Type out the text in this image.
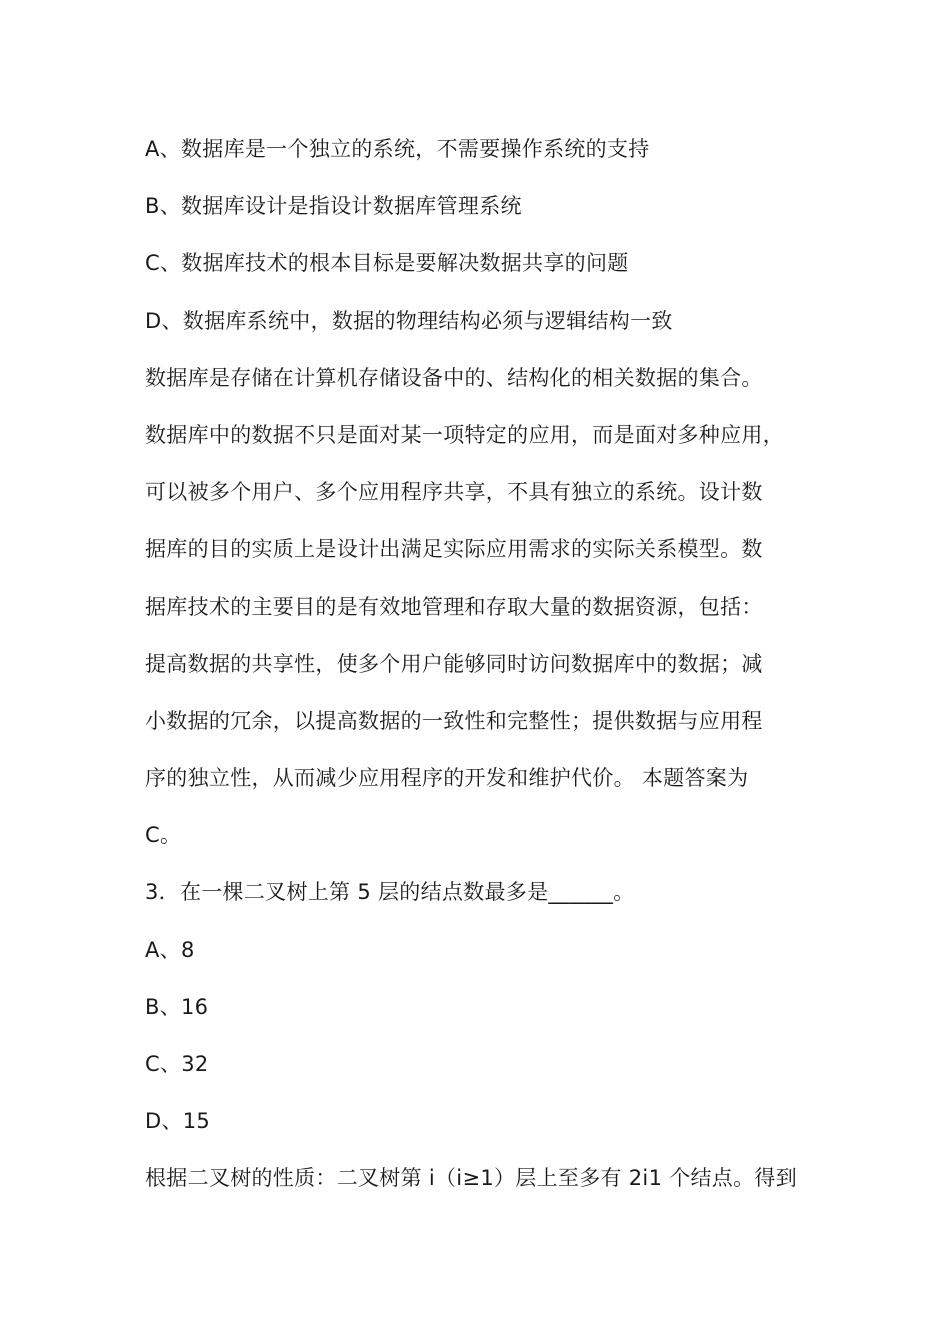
A、数据库是一个独立的系统，不需要操作系统的支持
B、数据库设计是指设计数据库管理系统
C、数据库技术的根本目标是要解决数据共享的问题
D、数据库系统中，数据的物理结构必须与逻辑结构一致
数据库是存储在计算机存储设备中的、结构化的相关数据的集合。
数据库中的数据不只是面对某一项特定的应用，而是面对多种应用，
可以被多个用户、多个应用程序共享，不具有独立的系统。设计数
据库的目的实质上是设计出满足实际应用需求的实际关系模型。数
据库技术的主要目的是有效地管理和存取大量的数据资源，包括：
提高数据的共享性，使多个用户能够同时访问数据库中的数据；减
小数据的冗余，以提高数据的一致性和完整性；提供数据与应用程
序的独立性，从而减少应用程序的开发和维护代价。 本题答案为
C。
3．在一棵二叉树上第 5 层的结点数最多是______。
A、8
B、16
C、32
D、15
根据二叉树的性质：二叉树第 i（i≥1）层上至多有 2i1 个结点。得到
